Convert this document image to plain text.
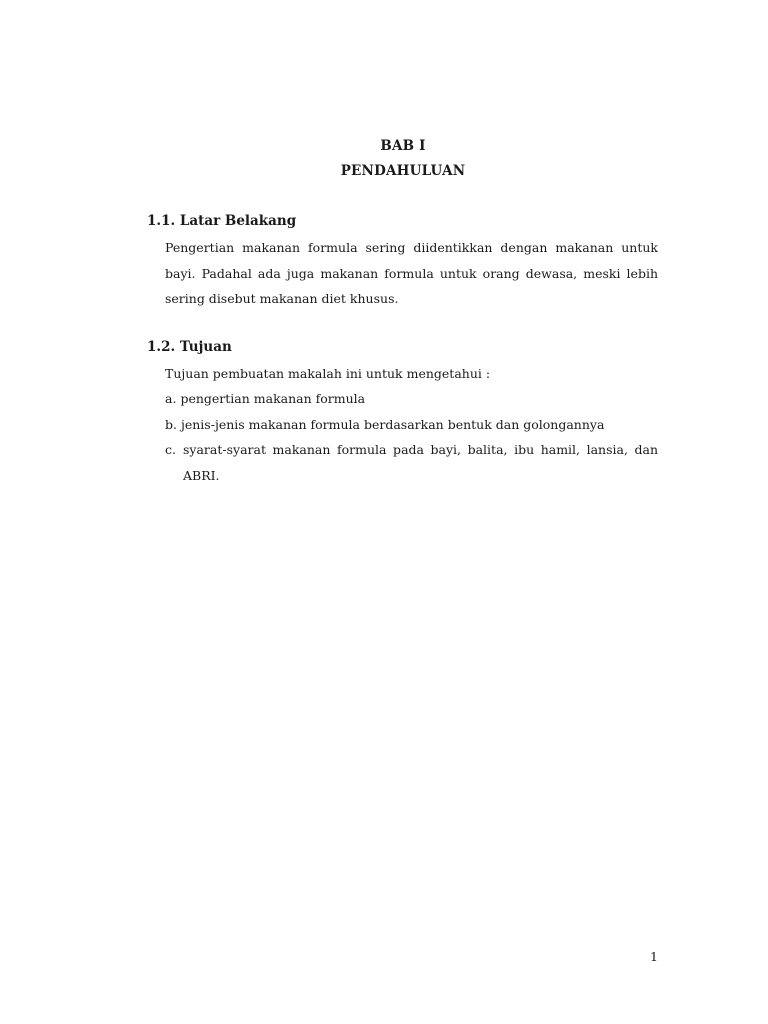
BAB I
PENDAHULUAN
1.1. Latar Belakang

Pengertian makanan formula sering diidentikkan dengan makanan untuk bayi. Padahal ada juga makanan formula untuk orang dewasa, meski lebih sering disebut makanan diet khusus.

1.2. Tujuan

Tujuan pembuatan makalah ini untuk mengetahui :

a. pengertian makanan formula
b. jenis-jenis makanan formula berdasarkan bentuk dan golongannya
c. syarat-syarat makanan formula pada bayi, balita, ibu hamil, lansia, dan ABRI.
1
